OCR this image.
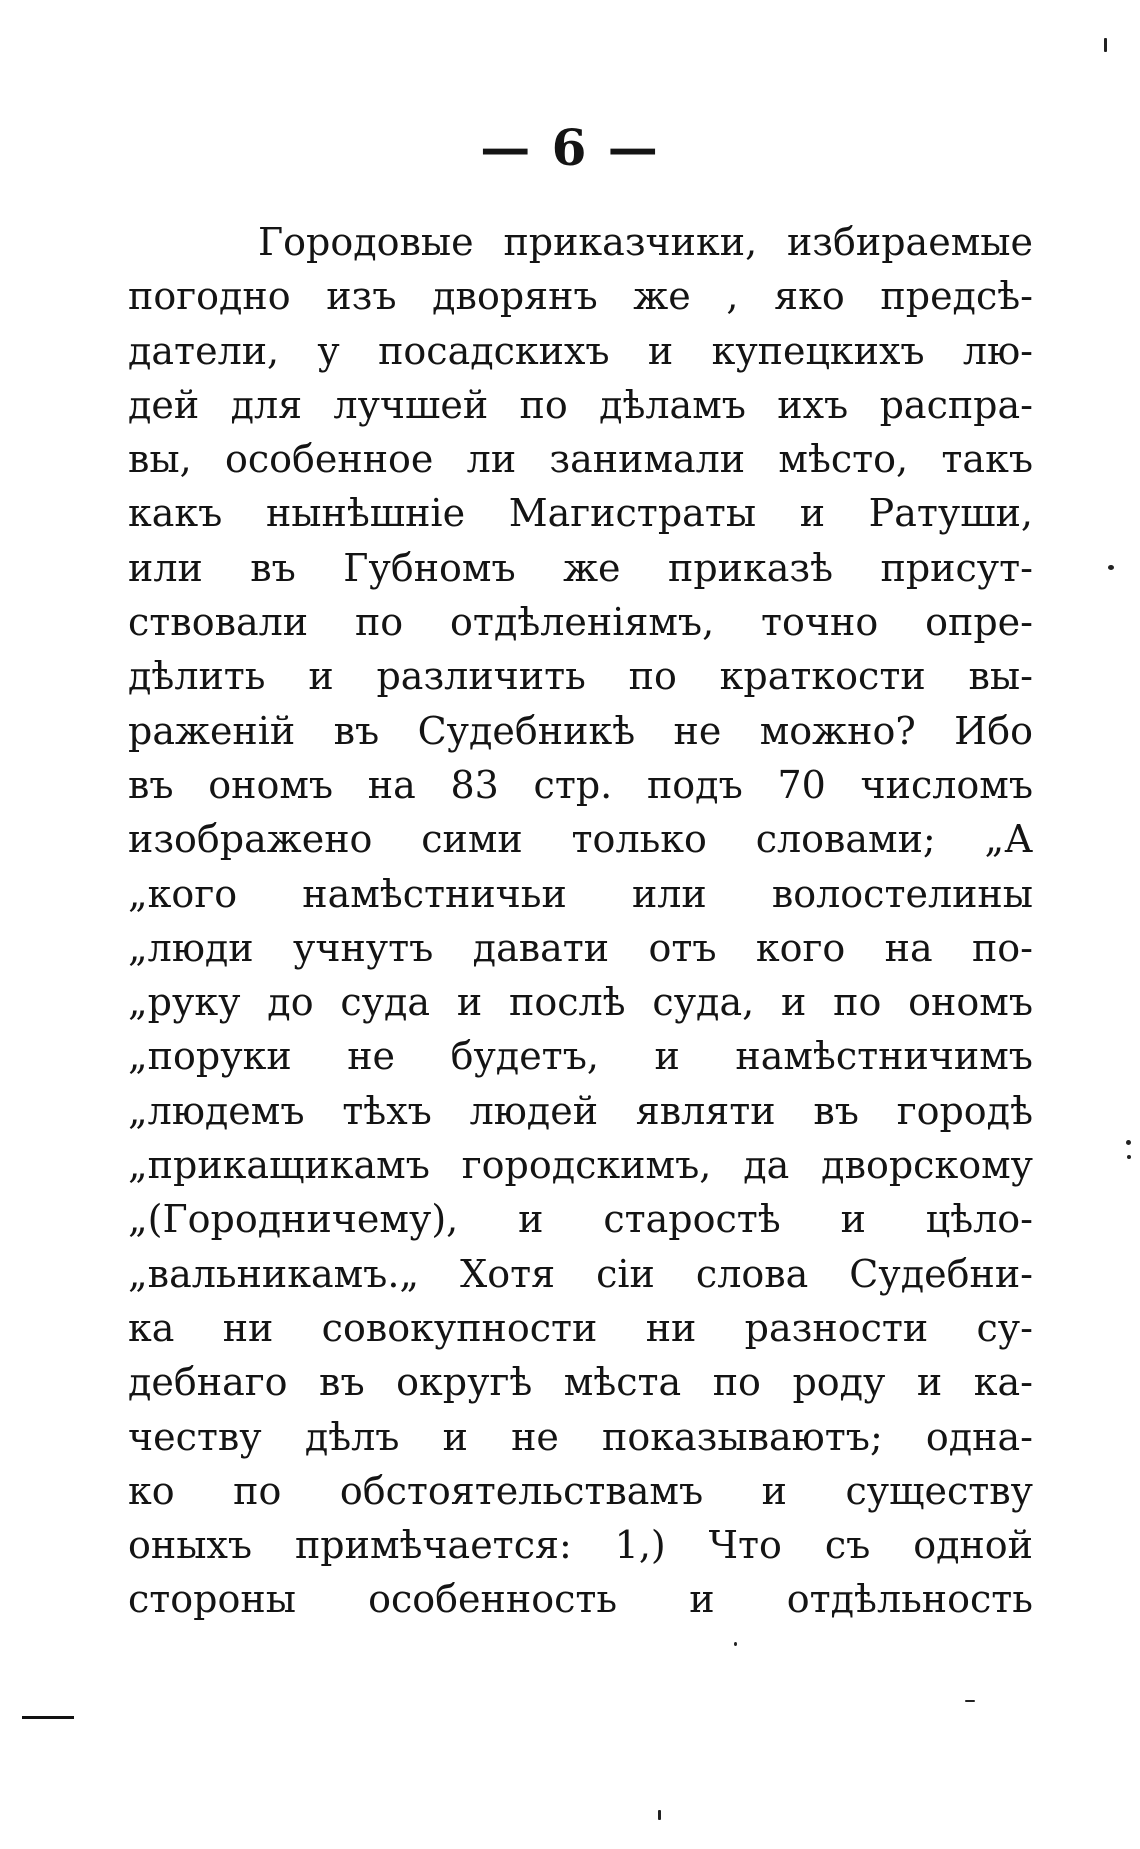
— 6 —
Городовые приказчики, избираемые
погодно изъ дворянъ же , яко предсѣ-
датели, у посадскихъ и купецкихъ лю-
дей для лучшей по дѣламъ ихъ распра-
вы, особенное ли занимали мѣсто, такъ
какъ нынѣшніе Магистраты и Ратуши,
или въ Губномъ же приказѣ присут-
ствовали по отдѣленіямъ, точно опре-
дѣлить и различить по краткости вы-
раженій въ Судебникѣ не можно? Ибо
въ ономъ на 83 стр. подъ 70 числомъ
изображено сими только словами; „А
„кого намѣстничьи или волостелины
„люди учнутъ давати отъ кого на по-
„руку до суда и послѣ суда, и по ономъ
„поруки не будетъ, и намѣстничимъ
„людемъ тѣхъ людей являти въ городѣ
„прикащикамъ городскимъ, да дворскому
„(Городничему), и старостѣ и цѣло-
„вальникамъ.„ Хотя сіи слова Судебни-
ка ни совокупности ни разности су-
дебнаго въ округѣ мѣста по роду и ка-
честву дѣлъ и не показываютъ; одна-
ко по обстоятельствамъ и существу
оныхъ примѣчается: 1,) Что съ одной
стороны особенность и отдѣльность
